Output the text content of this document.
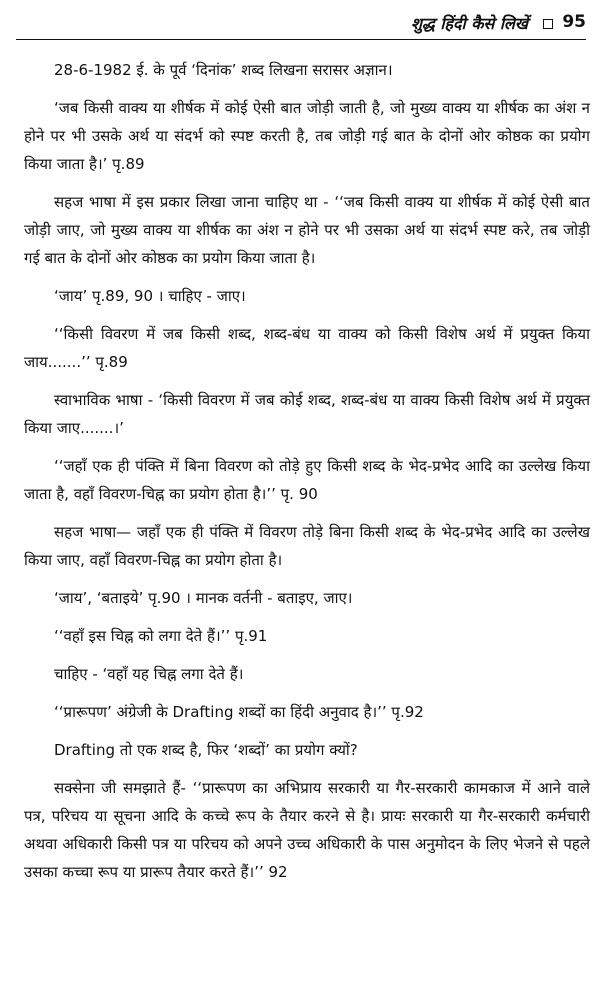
शुद्ध हिंदी कैसे लिखें 95

28-6-1982 ई. के पूर्व ‘दिनांक’ शब्द लिखना सरासर अज्ञान।

‘जब किसी वाक्य या शीर्षक में कोई ऐसी बात जोड़ी जाती है, जो मुख्य वाक्य या शीर्षक का अंश न होने पर भी उसके अर्थ या संदर्भ को स्पष्ट करती है, तब जोड़ी गई बात के दोनों ओर कोष्ठक का प्रयोग किया जाता है।’ पृ.89

सहज भाषा में इस प्रकार लिखा जाना चाहिए था - ‘‘जब किसी वाक्य या शीर्षक में कोई ऐसी बात जोड़ी जाए, जो मुख्य वाक्य या शीर्षक का अंश न होने पर भी उसका अर्थ या संदर्भ स्पष्ट करे, तब जोड़ी गई बात के दोनों ओर कोष्ठक का प्रयोग किया जाता है।

‘जाय’ पृ.89, 90 । चाहिए - जाए।

‘‘किसी विवरण में जब किसी शब्द, शब्द-बंध या वाक्य को किसी विशेष अर्थ में प्रयुक्त किया जाय.......’’ पृ.89

स्वाभाविक भाषा - ‘किसी विवरण में जब कोई शब्द, शब्द-बंध या वाक्य किसी विशेष अर्थ में प्रयुक्त किया जाए.......।’

‘‘जहाँ एक ही पंक्ति में बिना विवरण को तोड़े हुए किसी शब्द के भेद-प्रभेद आदि का उल्लेख किया जाता है, वहाँ विवरण-चिह्न का प्रयोग होता है।’’ पृ. 90

सहज भाषा— जहाँ एक ही पंक्ति में विवरण तोड़े बिना किसी शब्द के भेद-प्रभेद आदि का उल्लेख किया जाए, वहाँ विवरण-चिह्न का प्रयोग होता है।

‘जाय’, ‘बताइये’ पृ.90 । मानक वर्तनी - बताइए, जाए।

‘‘वहाँ इस चिह्न को लगा देते हैं।’’ पृ.91

चाहिए - ‘वहाँ यह चिह्न लगा देते हैं।

‘‘प्रारूपण’ अंग्रेजी के Drafting शब्दों का हिंदी अनुवाद है।’’ पृ.92

Drafting तो एक शब्द है, फिर ‘शब्दों’ का प्रयोग क्यों?

सक्सेना जी समझाते हैं- ‘‘प्रारूपण का अभिप्राय सरकारी या गैर-सरकारी कामकाज में आने वाले पत्र, परिचय या सूचना आदि के कच्चे रूप के तैयार करने से है। प्रायः सरकारी या गैर-सरकारी कर्मचारी अथवा अधिकारी किसी पत्र या परिचय को अपने उच्च अधिकारी के पास अनुमोदन के लिए भेजने से पहले उसका कच्चा रूप या प्रारूप तैयार करते हैं।’’ 92
